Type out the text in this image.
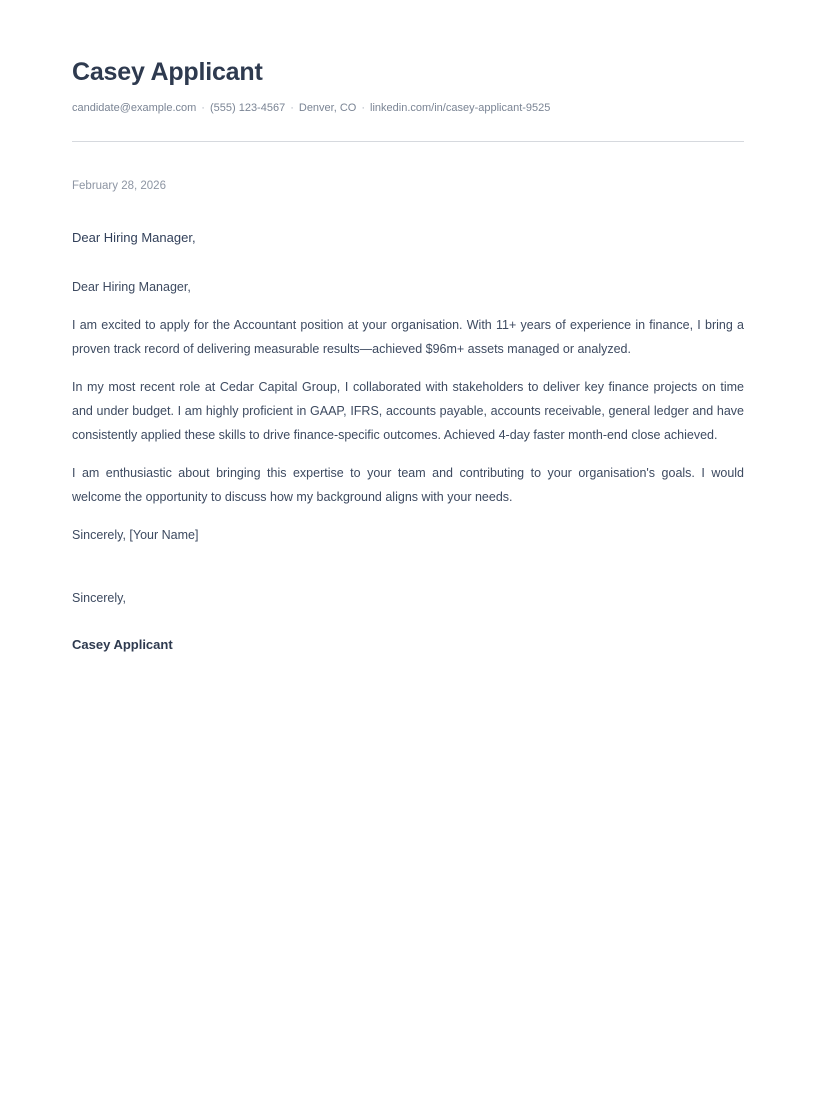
Casey Applicant
candidate@example.com · (555) 123-4567 · Denver, CO · linkedin.com/in/casey-applicant-9525
February 28, 2026
Dear Hiring Manager,

Dear Hiring Manager,

I am excited to apply for the Accountant position at your organisation. With 11+ years of experience in finance, I bring a proven track record of delivering measurable results—achieved $96m+ assets managed or analyzed.

In my most recent role at Cedar Capital Group, I collaborated with stakeholders to deliver key finance projects on time and under budget. I am highly proficient in GAAP, IFRS, accounts payable, accounts receivable, general ledger and have consistently applied these skills to drive finance-specific outcomes. Achieved 4-day faster month-end close achieved.

I am enthusiastic about bringing this expertise to your team and contributing to your organisation's goals. I would welcome the opportunity to discuss how my background aligns with your needs.

Sincerely, [Your Name]

Sincerely,

Casey Applicant
